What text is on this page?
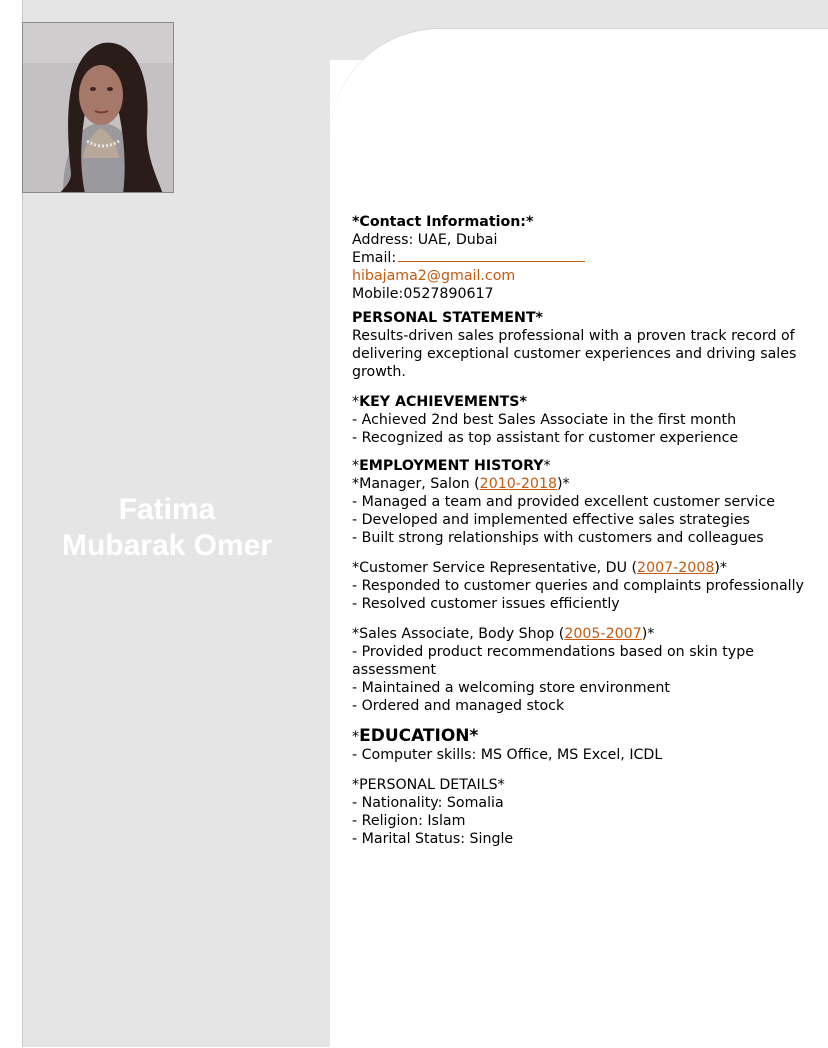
Fatima
Mubarak Omer
*Contact Information:*
Address: UAE, Dubai
Email:
hibajama2@gmail.com
Mobile:0527890617
PERSONAL STATEMENT*
Results-driven sales professional with a proven track record of delivering exceptional customer experiences and driving sales growth.
*KEY ACHIEVEMENTS*
- Achieved 2nd best Sales Associate in the first month
- Recognized as top assistant for customer experience
*EMPLOYMENT HISTORY*
*Manager, Salon (2010-2018)*
- Managed a team and provided excellent customer service
- Developed and implemented effective sales strategies
- Built strong relationships with customers and colleagues
*Customer Service Representative, DU (2007-2008)*
- Responded to customer queries and complaints professionally
- Resolved customer issues efficiently
*Sales Associate, Body Shop (2005-2007)*
- Provided product recommendations based on skin type assessment
- Maintained a welcoming store environment
- Ordered and managed stock
*EDUCATION*
- Computer skills: MS Office, MS Excel, ICDL
*PERSONAL DETAILS*
- Nationality: Somalia
- Religion: Islam
- Marital Status: Single
